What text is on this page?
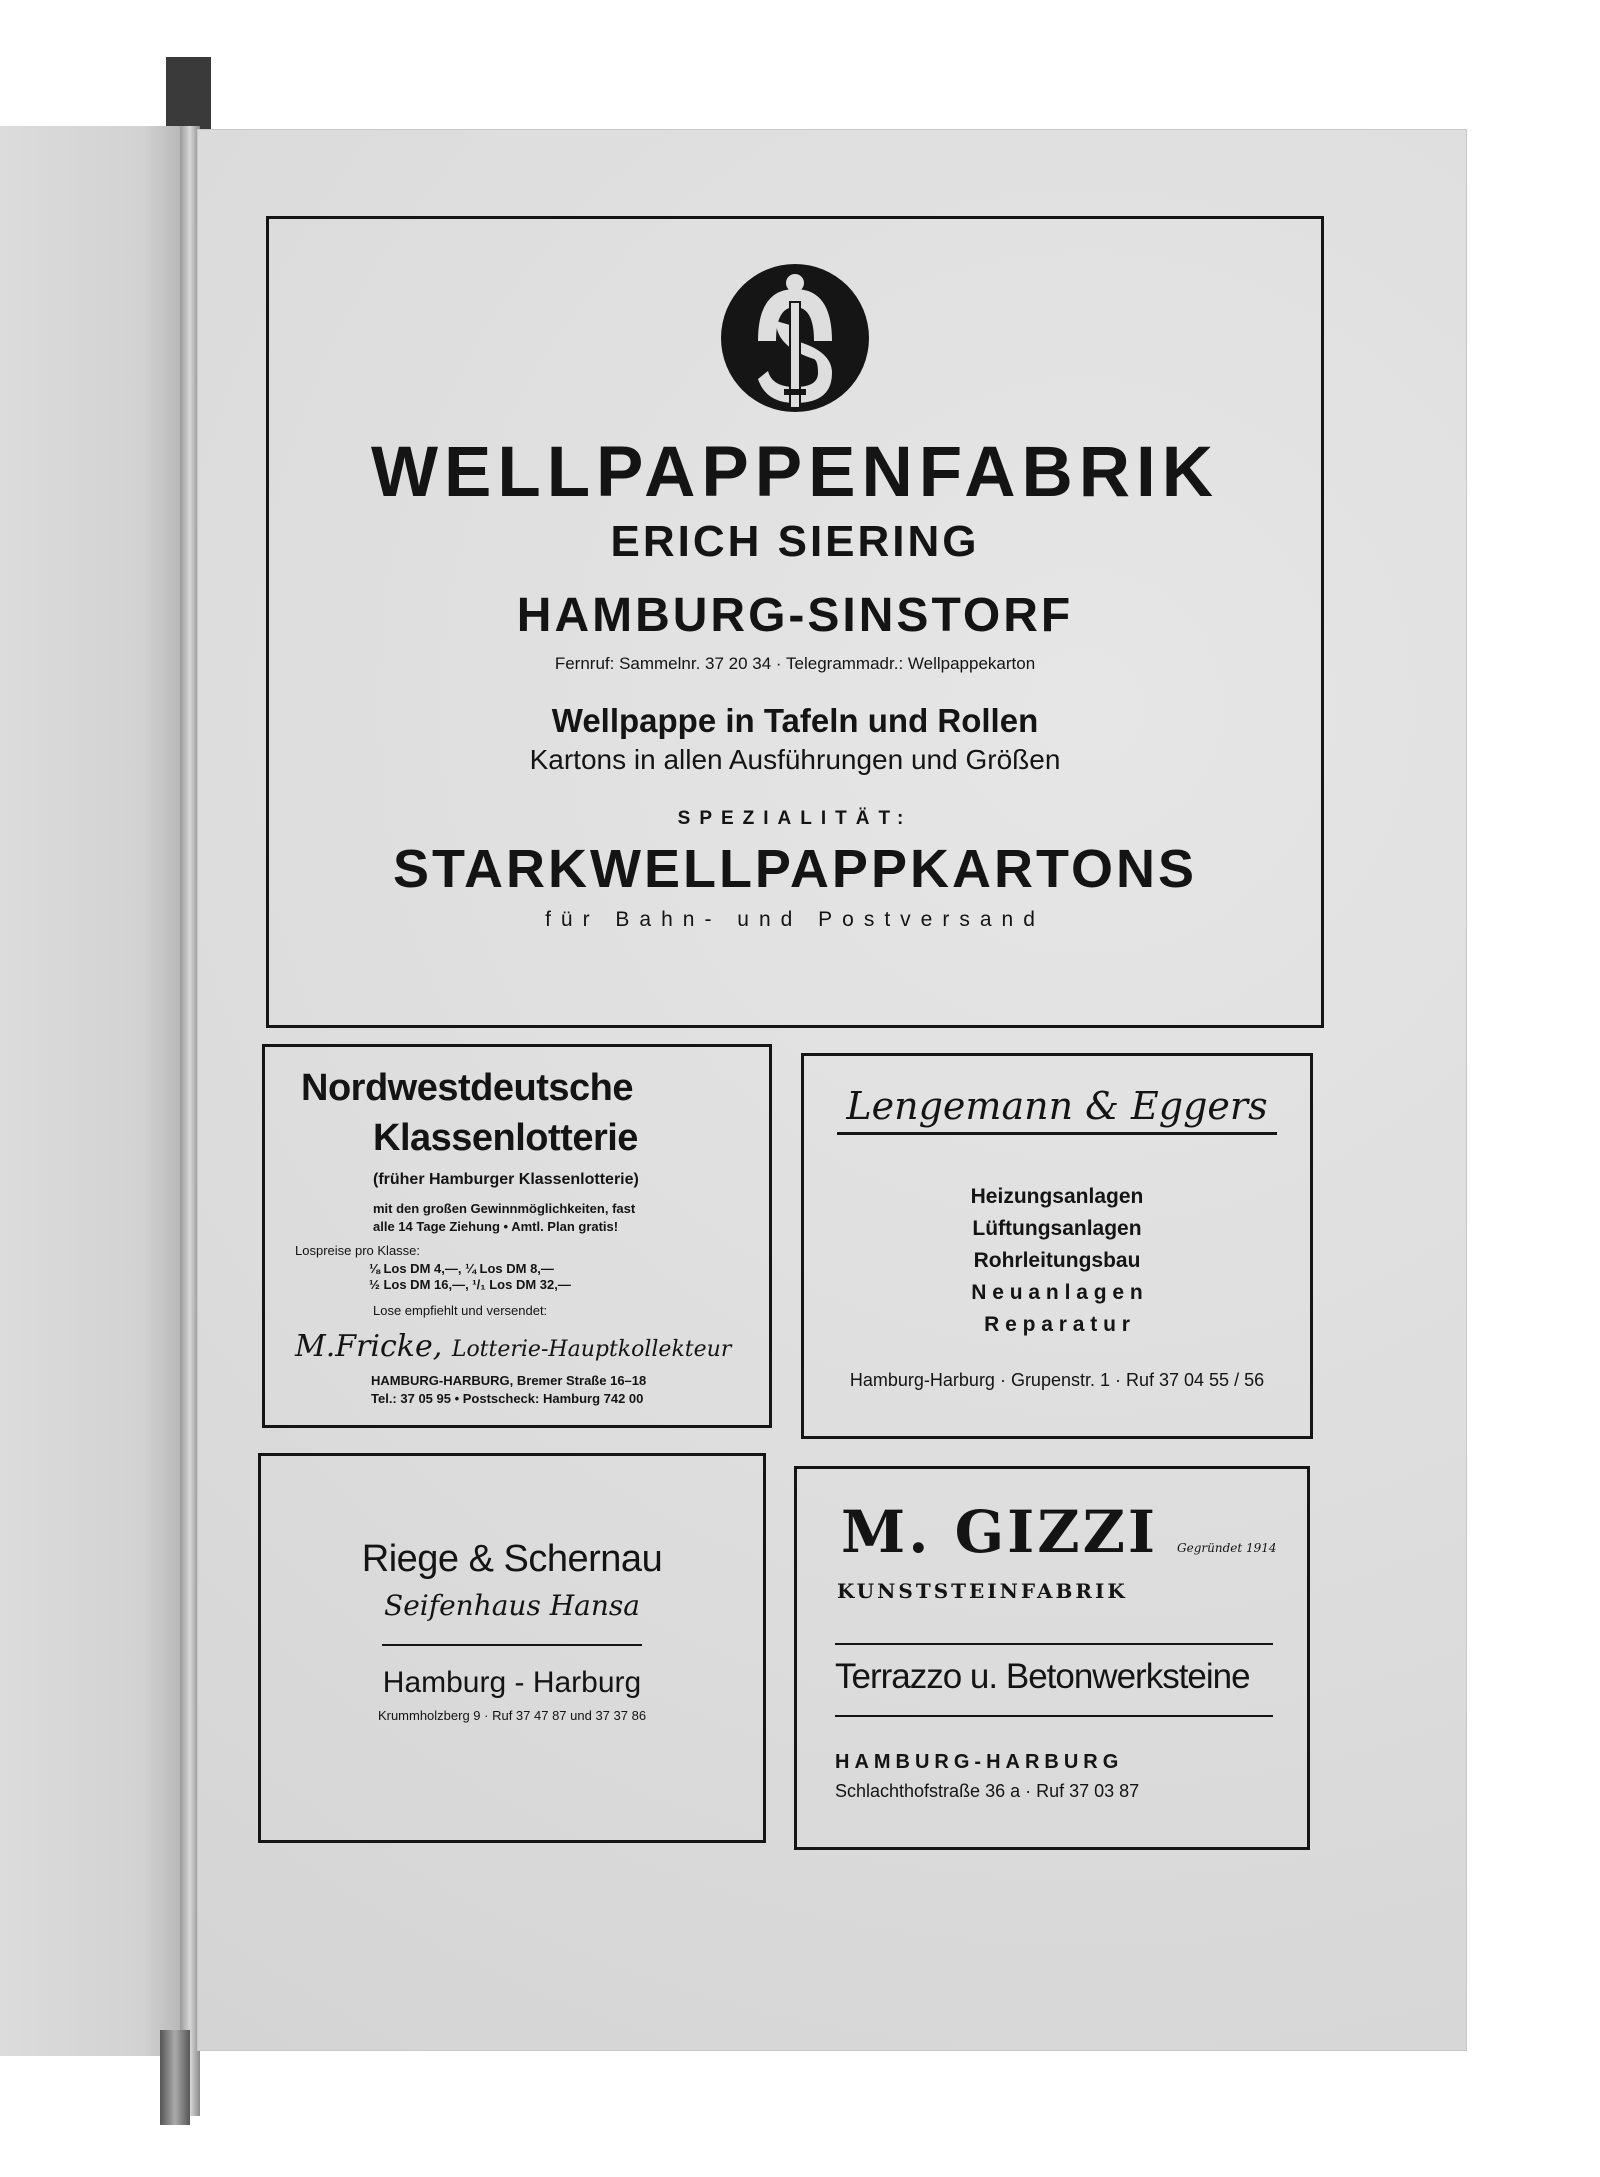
WELLPAPPENFABRIK
ERICH SIERING
HAMBURG-SINSTORF
Fernruf: Sammelnr. 37 20 34 · Telegrammadr.: Wellpappekarton
Wellpappe in Tafeln und Rollen
Kartons in allen Ausführungen und Größen
SPEZIALITÄT:
STARKWELLPAPPKARTONS
für Bahn- und Postversand
Nordwestdeutsche
Klassenlotterie
(früher Hamburger Klassenlotterie)
mit den großen Gewinnmöglichkeiten, fast
alle 14 Tage Ziehung • Amtl. Plan gratis!
Lospreise pro Klasse:
⅛ Los DM 4,—, ¼ Los DM 8,—
½ Los DM 16,—, ¹/₁ Los DM 32,—
Lose empfiehlt und versendet:
M.Fricke, Lotterie-Hauptkollekteur
HAMBURG-HARBURG, Bremer Straße 16–18
Tel.: 37 05 95 • Postscheck: Hamburg 742 00
Lengemann & Eggers
Heizungsanlagen
Lüftungsanlagen
Rohrleitungsbau
N e u a n l a g e n
R e p a r a t u r
Hamburg-Harburg · Grupenstr. 1 · Ruf 37 04 55 / 56
Riege & Schernau
Seifenhaus Hansa
Hamburg - Harburg
Krummholzberg 9 · Ruf 37 47 87 und 37 37 86
M. GIZZI Gegründet 1914
KUNSTSTEINFABRIK
Terrazzo u. Betonwerksteine
HAMBURG-HARBURG
Schlachthofstraße 36 a · Ruf 37 03 87
